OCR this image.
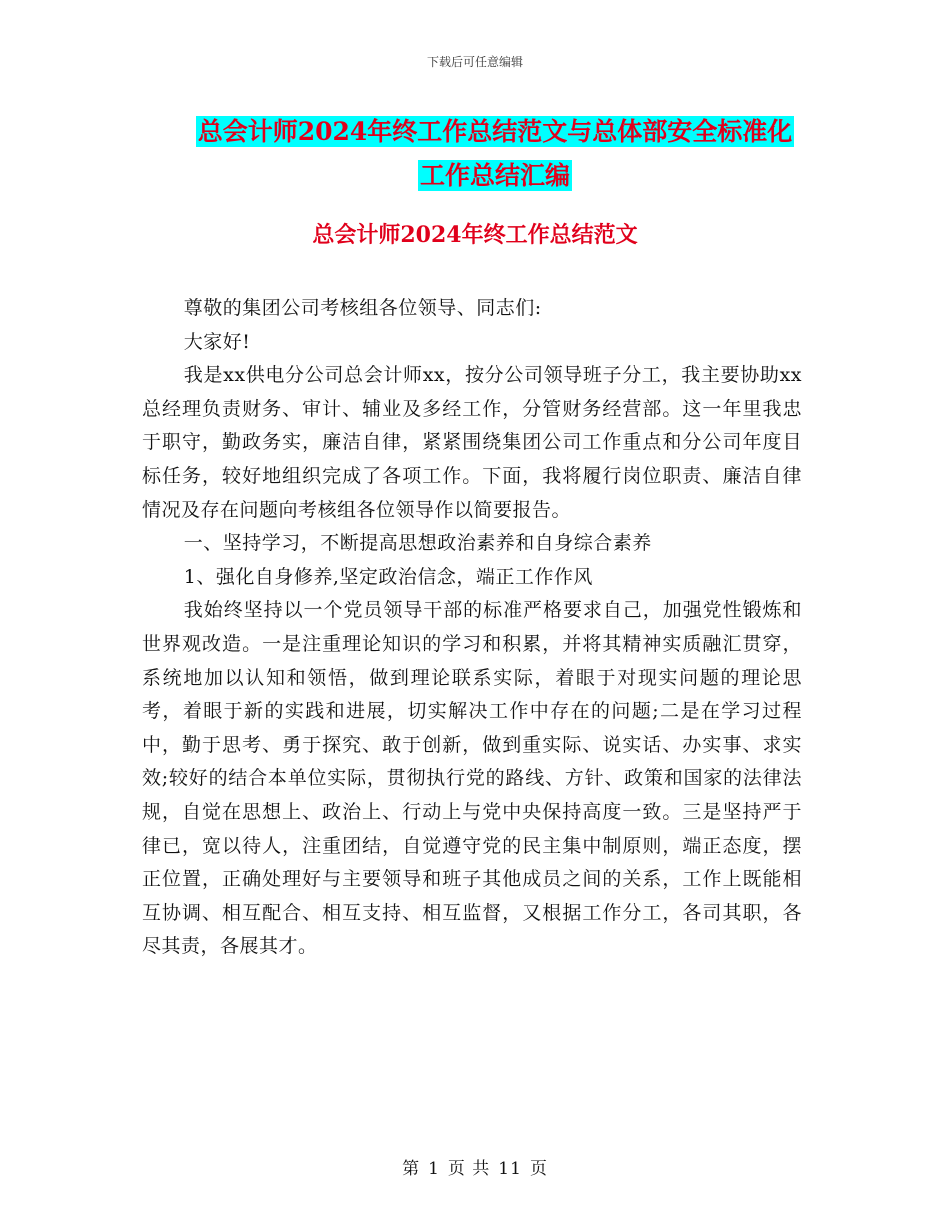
下载后可任意编辑
总会计师2024年终工作总结范文与总体部安全标准化
工作总结汇编
总会计师2024年终工作总结范文

尊敬的集团公司考核组各位领导、同志们:

大家好!

我是xx供电分公司总会计师xx，按分公司领导班子分工，我主要协助xx总经理负责财务、审计、辅业及多经工作，分管财务经营部。这一年里我忠于职守，勤政务实，廉洁自律，紧紧围绕集团公司工作重点和分公司年度目标任务，较好地组织完成了各项工作。下面，我将履行岗位职责、廉洁自律情况及存在问题向考核组各位领导作以简要报告。

一、坚持学习，不断提高思想政治素养和自身综合素养

1、强化自身修养,坚定政治信念，端正工作作风

我始终坚持以一个党员领导干部的标准严格要求自己，加强党性锻炼和世界观改造。一是注重理论知识的学习和积累，并将其精神实质融汇贯穿，系统地加以认知和领悟，做到理论联系实际，着眼于对现实问题的理论思考，着眼于新的实践和进展，切实解决工作中存在的问题;二是在学习过程中，勤于思考、勇于探究、敢于创新，做到重实际、说实话、办实事、求实效;较好的结合本单位实际，贯彻执行党的路线、方针、政策和国家的法律法规，自觉在思想上、政治上、行动上与党中央保持高度一致。三是坚持严于律已，宽以待人，注重团结，自觉遵守党的民主集中制原则，端正态度，摆正位置，正确处理好与主要领导和班子其他成员之间的关系，工作上既能相互协调、相互配合、相互支持、相互监督，又根据工作分工，各司其职，各尽其责，各展其才。

第 1 页 共 11 页
